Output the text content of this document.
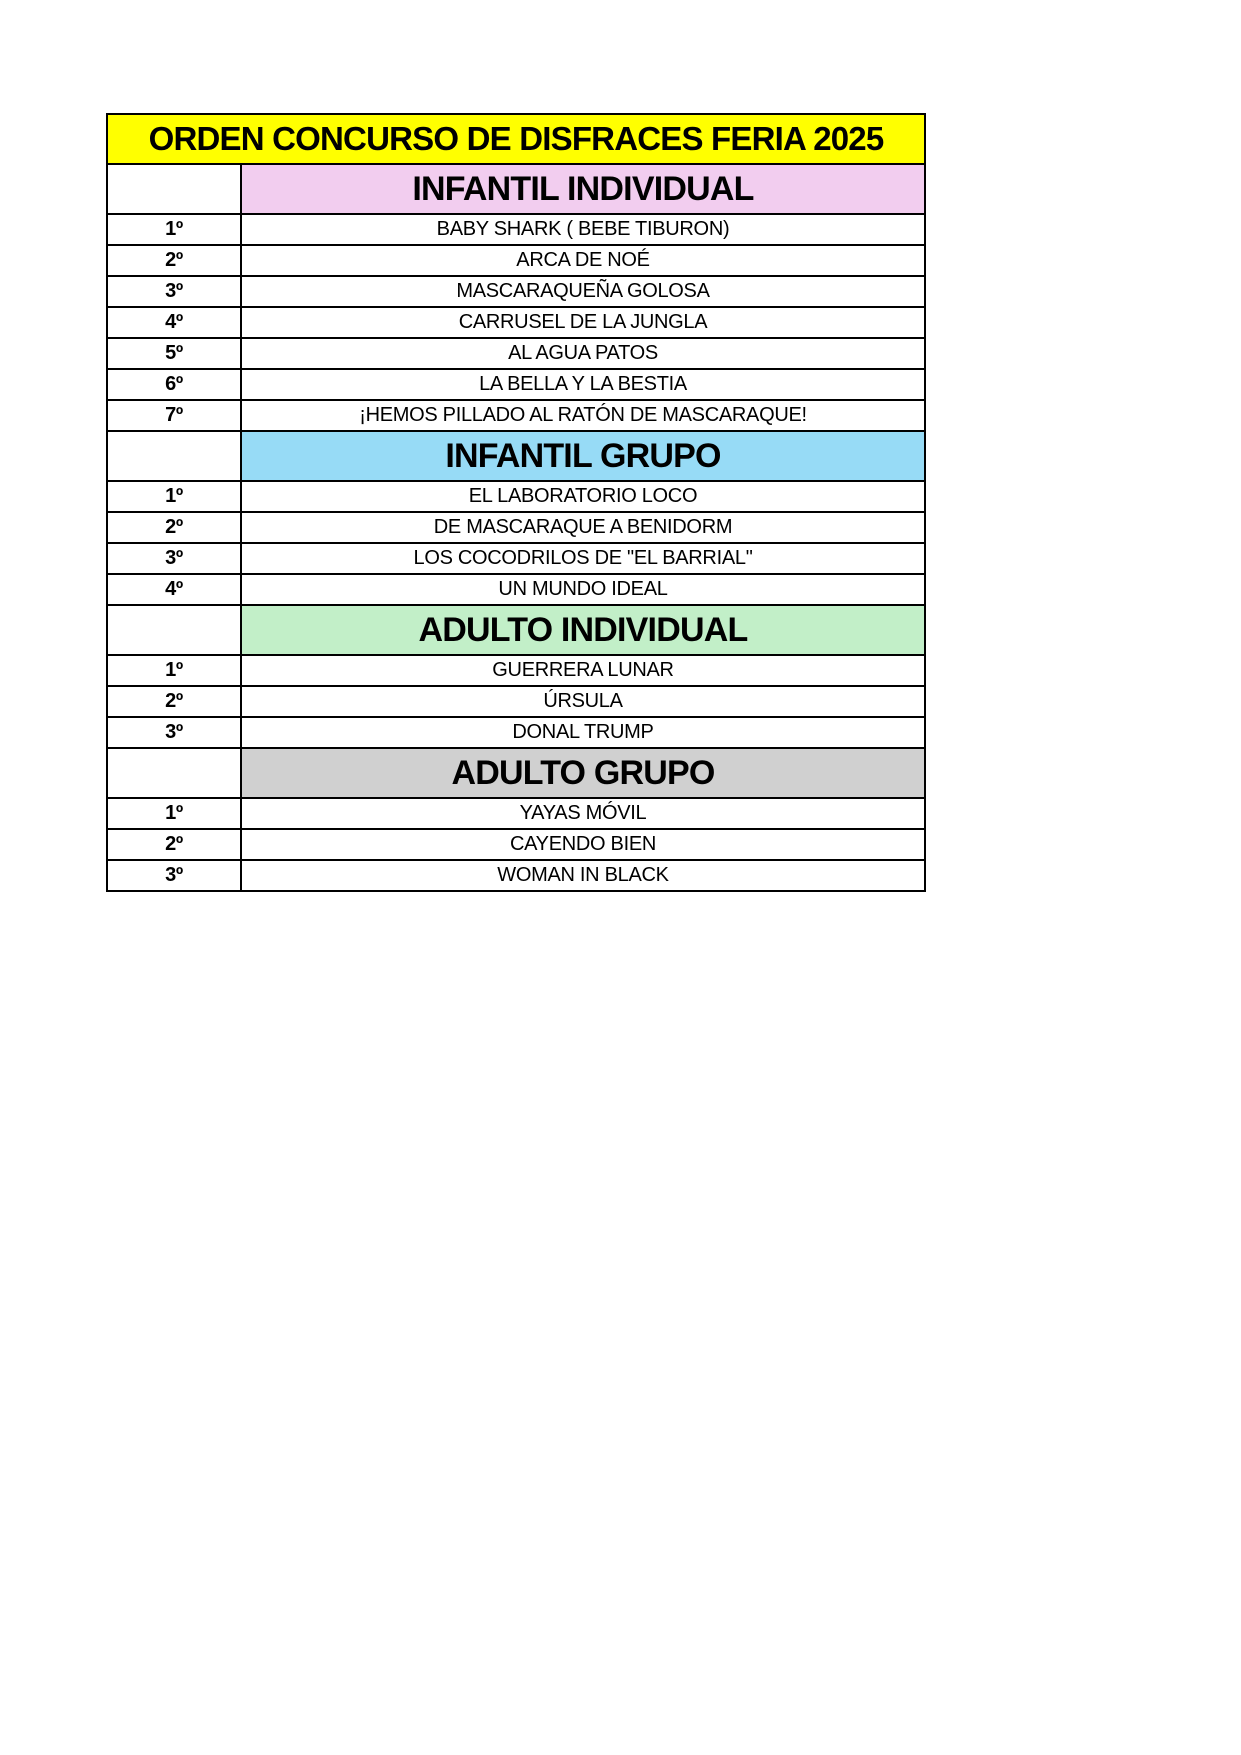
ORDEN CONCURSO DE DISFRACES FERIA 2025	
	INFANTIL INDIVIDUAL
1º	BABY SHARK ( BEBE TIBURON)
2º	ARCA DE NOÉ
3º	MASCARAQUEÑA GOLOSA
4º	CARRUSEL DE LA JUNGLA
5º	AL AGUA PATOS
6º	LA BELLA Y LA BESTIA
7º	¡HEMOS PILLADO AL RATÓN DE MASCARAQUE!
	INFANTIL GRUPO
1º	EL LABORATORIO LOCO
2º	DE MASCARAQUE A BENIDORM
3º	LOS COCODRILOS DE "EL BARRIAL"
4º	UN MUNDO IDEAL
	ADULTO INDIVIDUAL
1º	GUERRERA LUNAR
2º	ÚRSULA
3º	DONAL TRUMP
	ADULTO GRUPO
1º	YAYAS MÓVIL
2º	CAYENDO BIEN
3º	WOMAN IN BLACK
